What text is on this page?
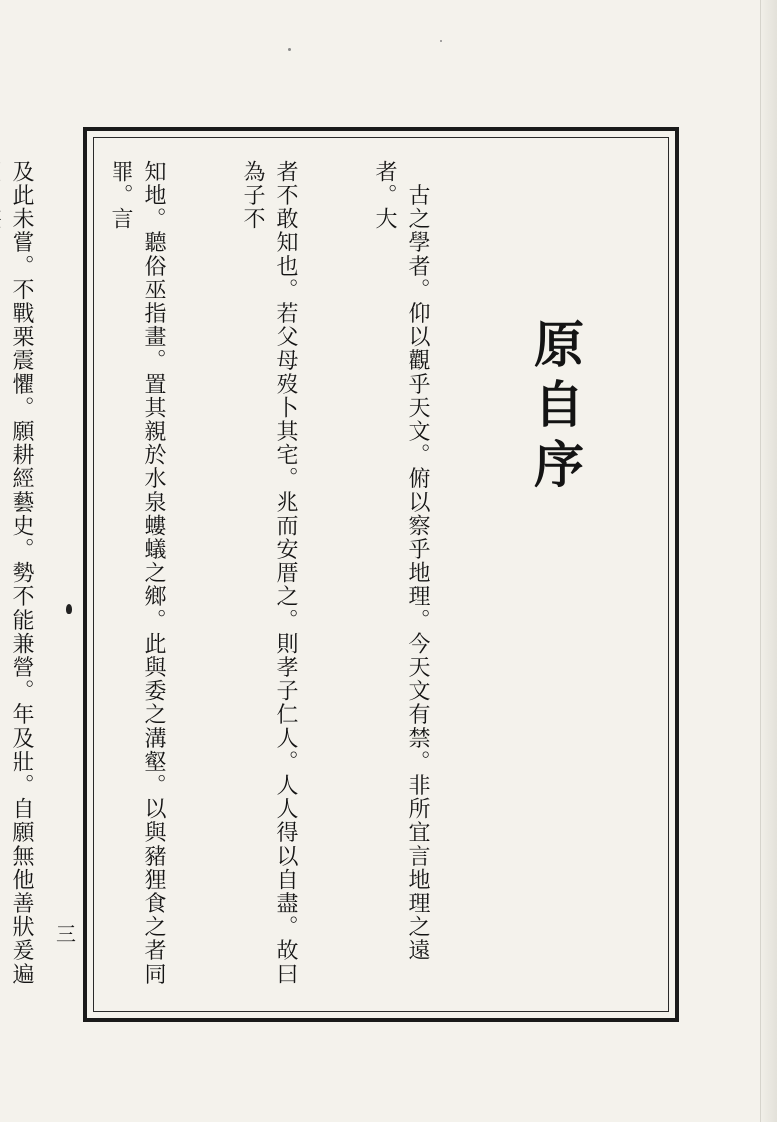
原自序

　古之學者。仰以觀乎天文。俯以察乎地理。今天文有禁。非所宜言地理之遠者。大

者不敢知也。若父母歿卜其宅。兆而安厝之。則孝子仁人。人人得以自盡。故曰為子不

知地。聽俗巫指畫。置其親於水泉螻蟻之鄉。此與委之溝壑。以與豬狸食之者同罪。言

及此未嘗。不戰栗震懼。願耕經藝史。勢不能兼營。年及壯。自願無他善狀爰遍

三
